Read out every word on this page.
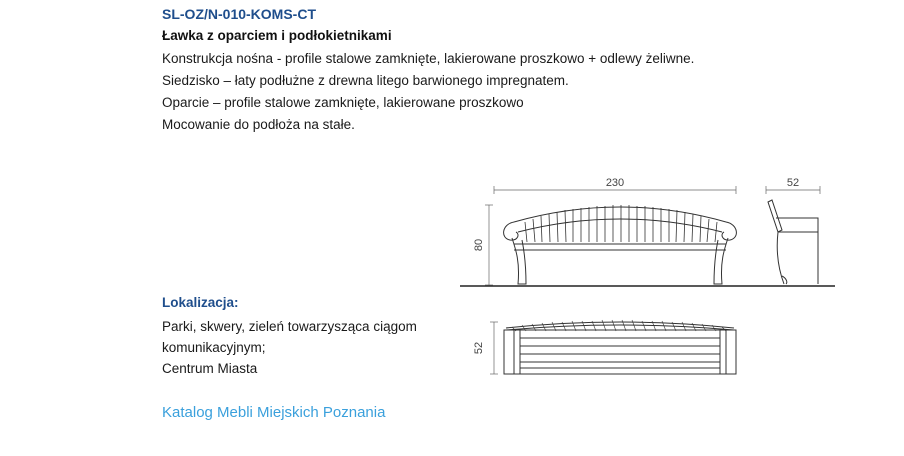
SL-OZ/N-010-KOMS-CT
Ławka z oparciem i podłokietnikami
Konstrukcja nośna - profile stalowe zamknięte, lakierowane proszkowo + odlewy żeliwne.
Siedzisko – łaty podłużne z drewna litego barwionego impregnatem.
Oparcie – profile stalowe zamknięte, lakierowane proszkowo
Mocowanie do podłoża na stałe.
Lokalizacja:
Parki, skwery, zieleń towarzysząca ciągom
komunikacyjnym;
Centrum Miasta
Katalog Mebli Miejskich Poznania
230
80
52
52
